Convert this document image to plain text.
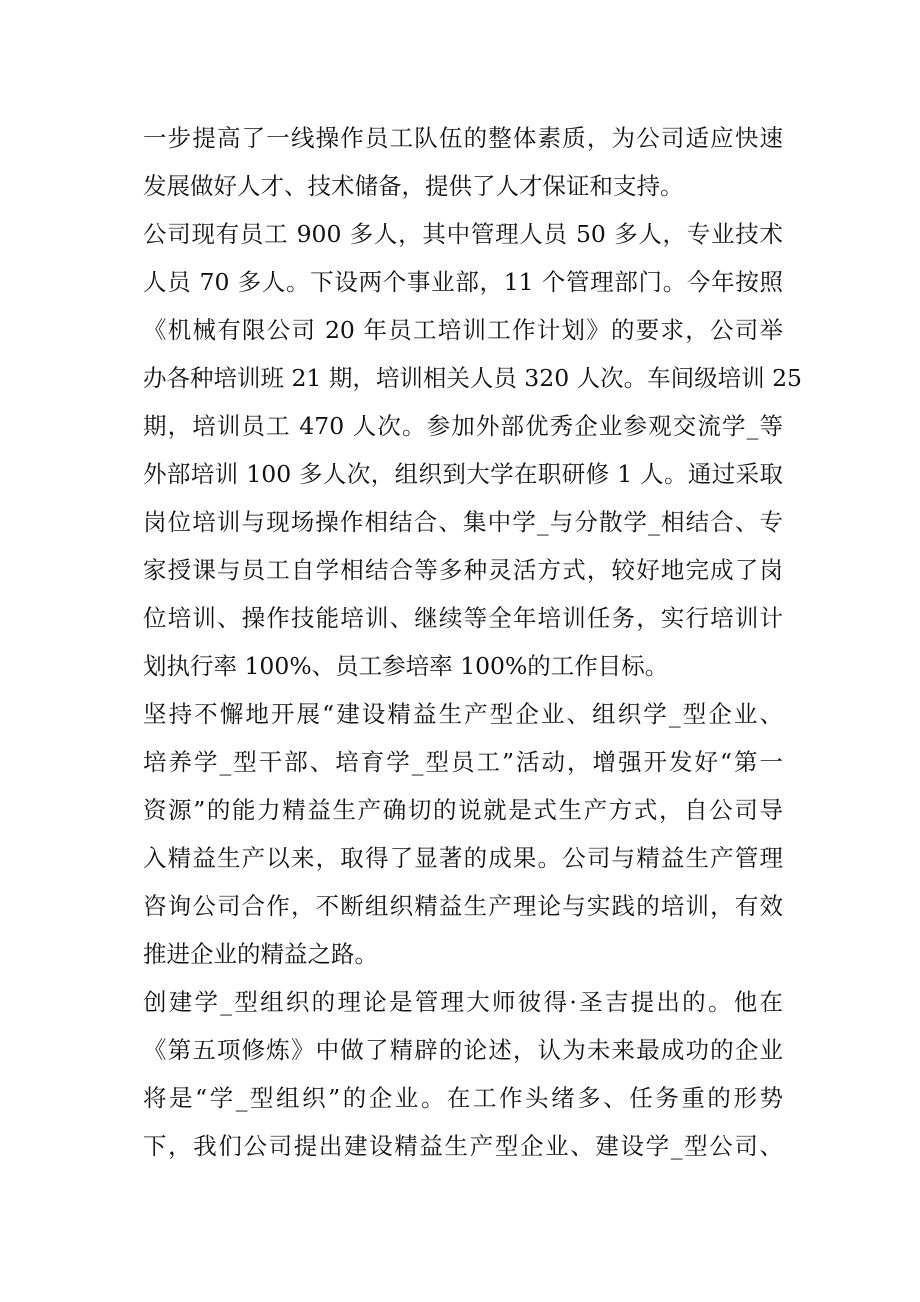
一步提高了一线操作员工队伍的整体素质，为公司适应快速
发展做好人才、技术储备，提供了人才保证和支持。
公司现有员工 900 多人，其中管理人员 50 多人，专业技术
人员 70 多人。下设两个事业部，11 个管理部门。今年按照
《机械有限公司 20 年员工培训工作计划》的要求，公司举
办各种培训班 21 期，培训相关人员 320 人次。车间级培训 25
期，培训员工 470 人次。参加外部优秀企业参观交流学_等
外部培训 100 多人次，组织到大学在职研修 1 人。通过采取
岗位培训与现场操作相结合、集中学_与分散学_相结合、专
家授课与员工自学相结合等多种灵活方式，较好地完成了岗
位培训、操作技能培训、继续等全年培训任务，实行培训计
划执行率 100%、员工参培率 100%的工作目标。
坚持不懈地开展“建设精益生产型企业、组织学_型企业、
培养学_型干部、培育学_型员工”活动，增强开发好“第一
资源”的能力精益生产确切的说就是式生产方式，自公司导
入精益生产以来，取得了显著的成果。公司与精益生产管理
咨询公司合作，不断组织精益生产理论与实践的培训，有效
推进企业的精益之路。
创建学_型组织的理论是管理大师彼得·圣吉提出的。他在
《第五项修炼》中做了精辟的论述，认为未来最成功的企业
将是“学_型组织”的企业。在工作头绪多、任务重的形势
下，我们公司提出建设精益生产型企业、建设学_型公司、
